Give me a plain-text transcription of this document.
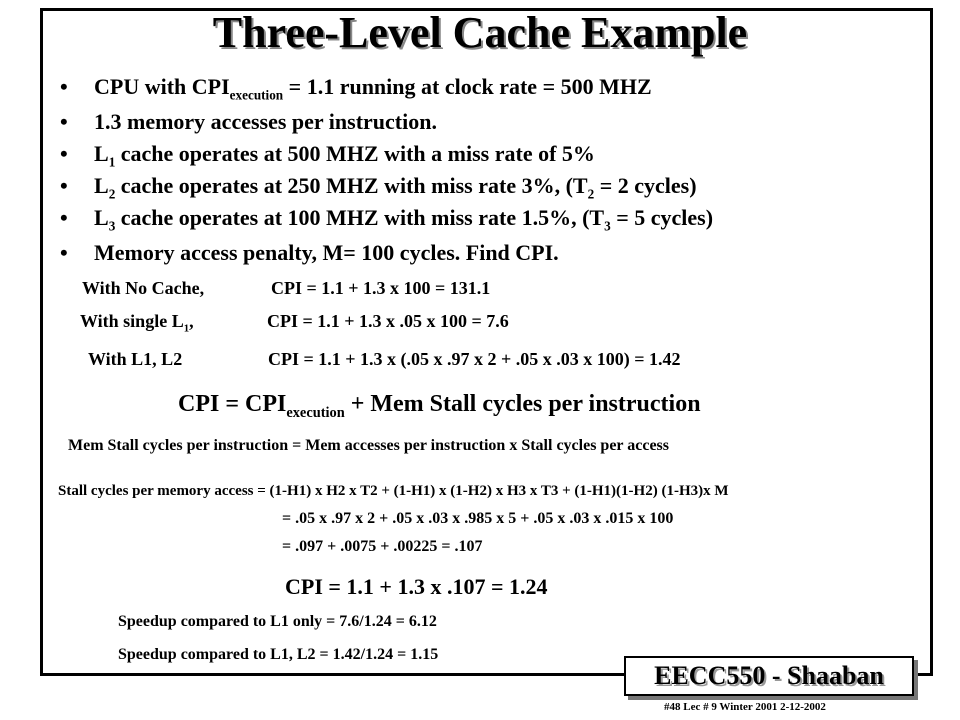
Three-Level Cache Example
• CPU with $CPI_{execution} = 1.1$ running at clock rate = 500 MHZ
• 1.3 memory accesses per instruction.
• $L_1$ cache operates at 500 MHZ with a miss rate of 5%
• $L_2$ cache operates at 250 MHZ with miss rate 3%, ($T_2 = 2$ cycles)
• $L_3$ cache operates at 100 MHZ with miss rate 1.5%, ($T_3 = 5$ cycles)
• Memory access penalty, M= 100 cycles. Find CPI.
With No Cache,	CPI = 1.1 + 1.3 x 100 = 131.1
With single $L_1$,	CPI = 1.1 + 1.3 x .05 x 100 = 7.6
With L1, L2	CPI = 1.1 + 1.3 x (.05 x .97 x 2 + .05 x .03 x 100) = 1.42
CPI = $CPI_{execution}$ + Mem Stall cycles per instruction
Mem Stall cycles per instruction = Mem accesses per instruction x Stall cycles per access
Stall cycles per memory access = (1-H1) x H2 x T2 + (1-H1) x (1-H2) x H3 x T3 + (1-H1)(1-H2) (1-H3)x M
= .05 x .97 x 2 + .05 x .03 x .985 x 5 + .05 x .03 x .015 x 100
= .097 + .0075 + .00225 = .107
CPI = 1.1 + 1.3 x .107 = 1.24
Speedup compared to L1 only = 7.6/1.24 = 6.12
Speedup compared to L1, L2 = 1.42/1.24 = 1.15
EECC550 - Shaaban
#48 Lec # 9 Winter 2001 2-12-2002
